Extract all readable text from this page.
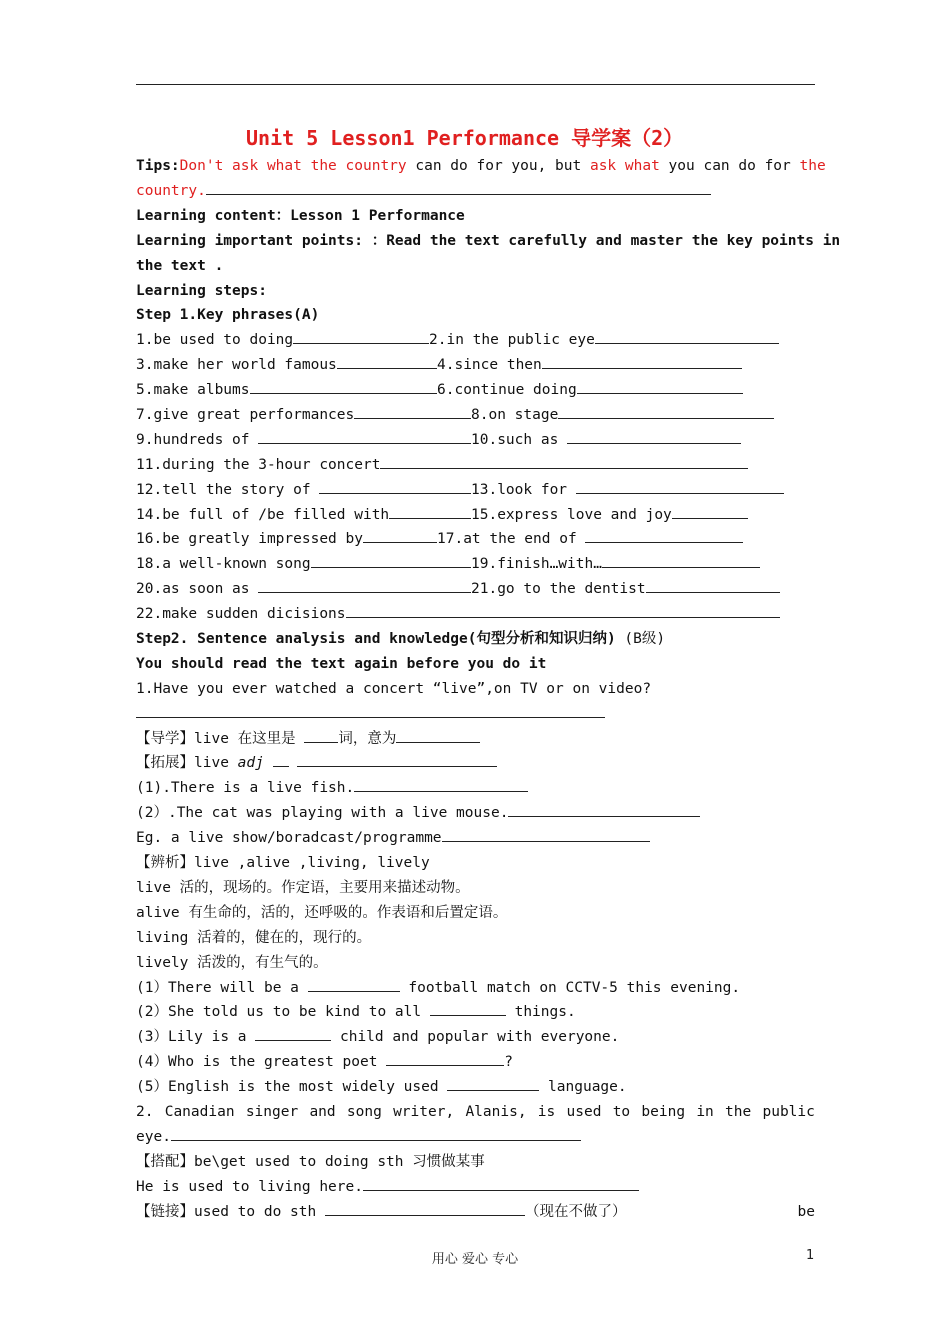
Unit 5 Lesson1 Performance 导学案（2）
Tips:Don't ask what the country can do for you, but ask what you can do for the
country.
Learning content：Lesson 1 Performance
Learning important points: ：Read the text carefully and master the key points in
the text .
Learning steps:
Step 1.Key phrases(A)
1.be used to doing	2.in the public eye
3.make her world famous	4.since then
5.make albums	6.continue doing
7.give great performances	8.on stage
9.hundreds of	10.such as
11.during the 3-hour concert
12.tell the story of	13.look for
14.be full of /be filled with	15.express love and joy
16.be greatly impressed by	17.at the end of
18.a well-known song	19.finish…with…
20.as soon as	21.go to the dentist
22.make sudden dicisions
Step2. Sentence analysis and knowledge(句型分析和知识归纳) (B级)
You should read the text again before you do it
1.Have you ever watched a concert “live”,on TV or on video?
【导学】live 在这里是 词，意为
【拓展】live adj
(1).There is a live fish.
(2）.The cat was playing with a live mouse.
Eg. a live show/boradcast/programme
【辨析】live ,alive ,living, lively
live 活的，现场的。作定语，主要用来描述动物。
alive 有生命的，活的，还呼吸的。作表语和后置定语。
living 活着的，健在的，现行的。
lively 活泼的，有生气的。
(1）There will be a	football match on CCTV-5 this evening.
(2）She told us to be kind to all	things.
(3）Lily is a	child and popular with everyone.
(4）Who is the greatest poet	?
(5）English is the most widely used	language.
2. Canadian singer and song writer, Alanis, is used to being in the public
eye.
【搭配】be\get used to doing sth 习惯做某事
He is used to living here.
【链接】used to do sth	（现在不做了）	be
用心 爱心 专心	1
